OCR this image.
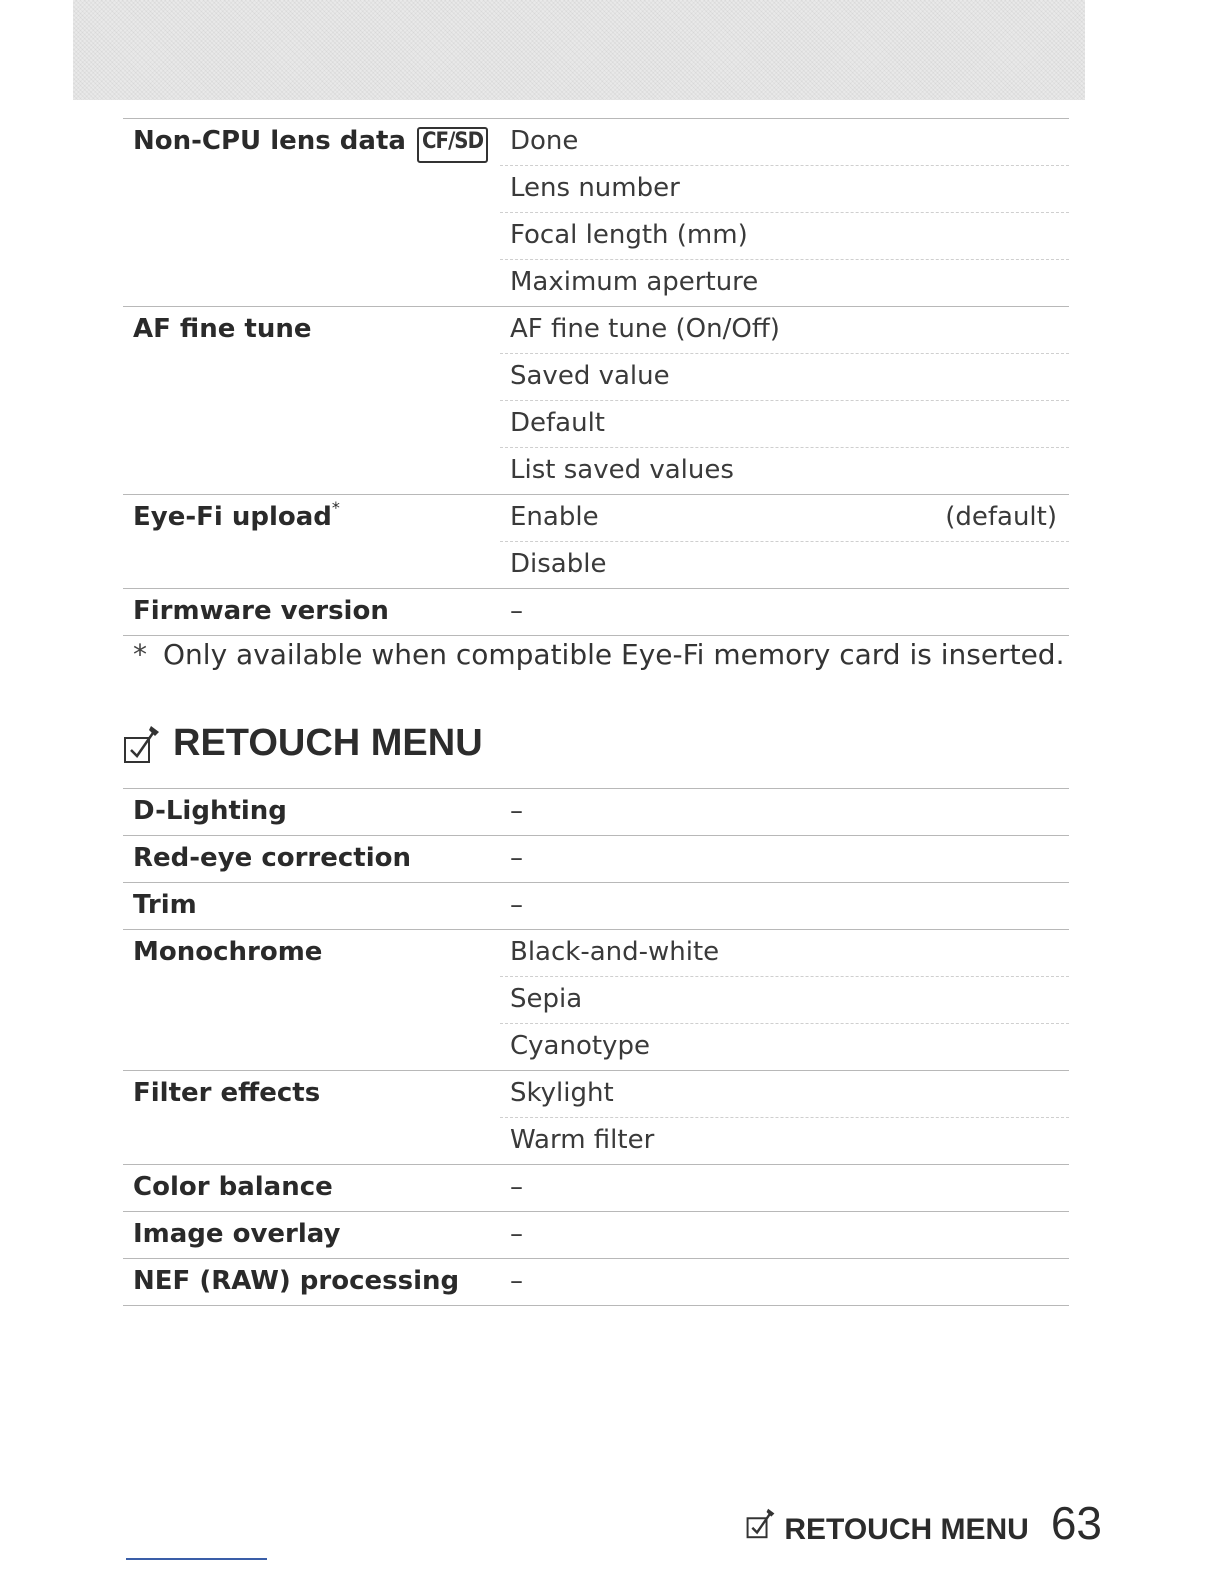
Non-CPU lens data CF/SD	Done
	Lens number
	Focal length (mm)
	Maximum aperture
AF fine tune	AF fine tune (On/Off)
	Saved value
	Default
	List saved values
Eye-Fi upload*	Enable (default)

	Disable
Firmware version	–
* Only available when compatible Eye-Fi memory card is inserted.
RETOUCH MENU
D-Lighting	–
Red-eye correction	–
Trim	–
Monochrome	Black-and-white
	Sepia
	Cyanotype
Filter effects	Skylight
	Warm filter
Color balance	–
Image overlay	–
NEF (RAW) processing	–
RETOUCH MENU 63
